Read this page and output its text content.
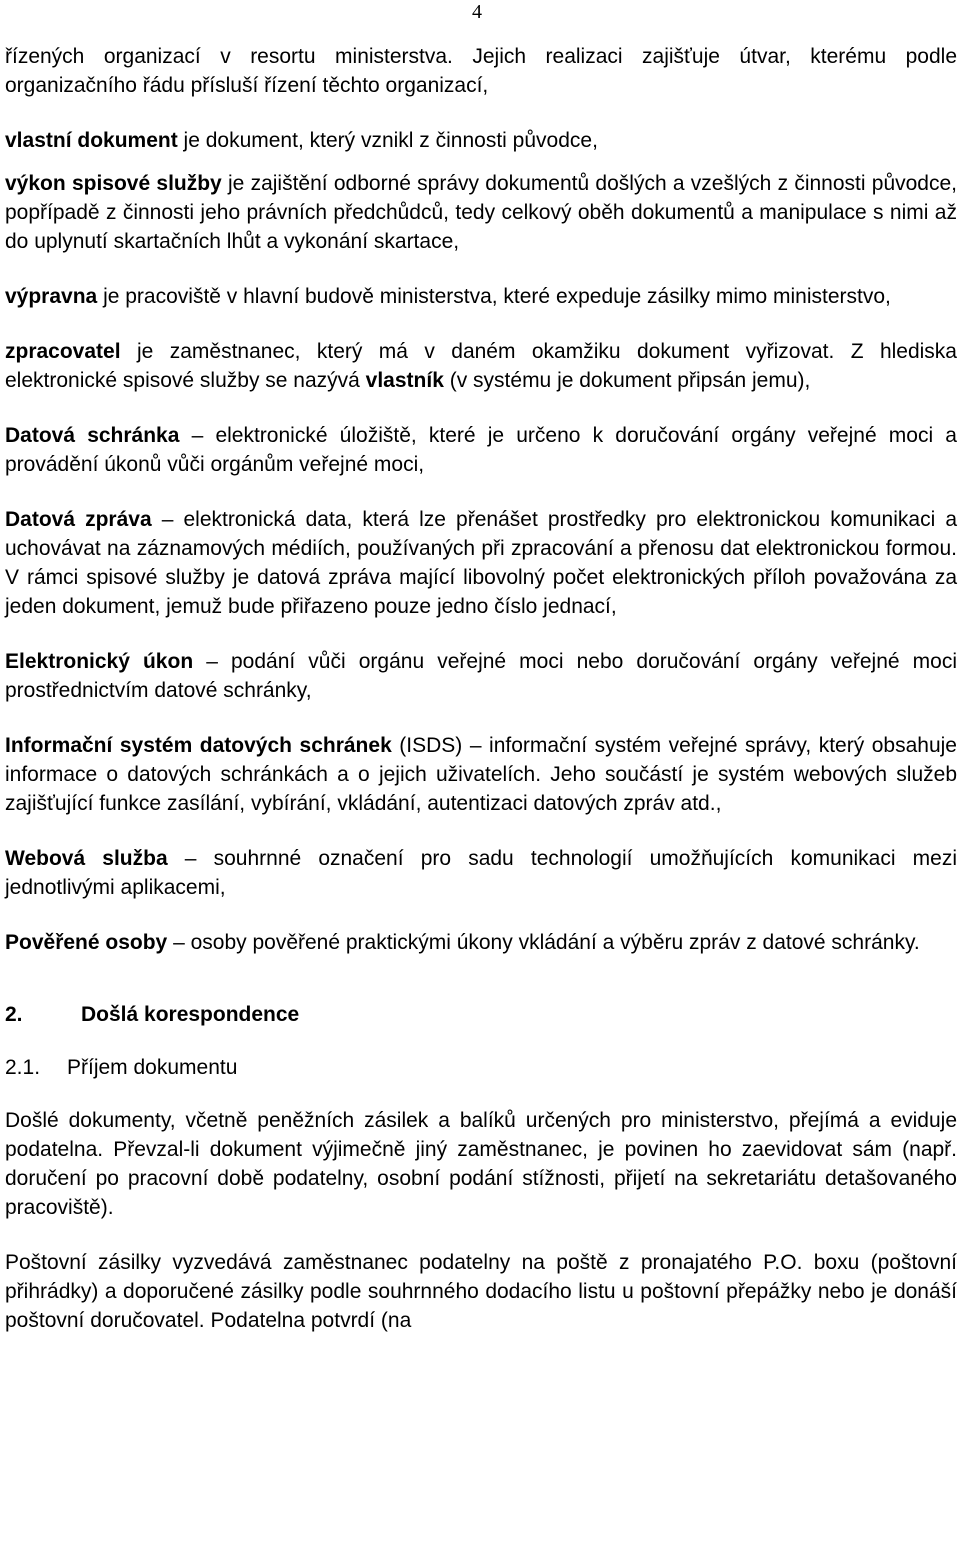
4

řízených organizací v resortu ministerstva. Jejich realizaci zajišťuje útvar, kterému podle organizačního řádu přísluší řízení těchto organizací,

vlastní dokument je dokument, který vznikl z činnosti původce,

výkon spisové služby je zajištění odborné správy dokumentů došlých a vzešlých z činnosti původce, popřípadě z činnosti jeho právních předchůdců, tedy celkový oběh dokumentů a manipulace s nimi až do uplynutí skartačních lhůt a vykonání skartace,

výpravna je pracoviště v hlavní budově ministerstva, které expeduje zásilky mimo ministerstvo,

zpracovatel je zaměstnanec, který má v daném okamžiku dokument vyřizovat. Z hlediska elektronické spisové služby se nazývá vlastník (v systému je dokument připsán jemu),

Datová schránka – elektronické úložiště, které je určeno k doručování orgány veřejné moci a provádění úkonů vůči orgánům veřejné moci,

Datová zpráva – elektronická data, která lze přenášet prostředky pro elektronickou komunikaci a uchovávat na záznamových médiích, používaných při zpracování a přenosu dat elektronickou formou. V rámci spisové služby je datová zpráva mající libovolný počet elektronických příloh považována za jeden dokument, jemuž bude přiřazeno pouze jedno číslo jednací,

Elektronický úkon – podání vůči orgánu veřejné moci nebo doručování orgány veřejné moci prostřednictvím datové schránky,

Informační systém datových schránek (ISDS) – informační systém veřejné správy, který obsahuje informace o datových schránkách a o jejich uživatelích. Jeho součástí je systém webových služeb zajišťující funkce zasílání, vybírání, vkládání, autentizaci datových zpráv atd.,

Webová služba – souhrnné označení pro sadu technologií umožňujících komunikaci mezi jednotlivými aplikacemi,

Pověřené osoby – osoby pověřené praktickými úkony vkládání a výběru zpráv z datové schránky.

2.	Došlá korespondence
2.1. Příjem dokumentu

Došlé dokumenty, včetně peněžních zásilek a balíků určených pro ministerstvo, přejímá a eviduje podatelna. Převzal-li dokument výjimečně jiný zaměstnanec, je povinen ho zaevidovat sám (např. doručení po pracovní době podatelny, osobní podání stížnosti, přijetí na sekretariátu detašovaného pracoviště).

Poštovní zásilky vyzvedává zaměstnanec podatelny na poště z pronajatého P.O. boxu (poštovní přihrádky) a doporučené zásilky podle souhrnného dodacího listu u poštovní přepážky nebo je donáší poštovní doručovatel. Podatelna potvrdí (na
